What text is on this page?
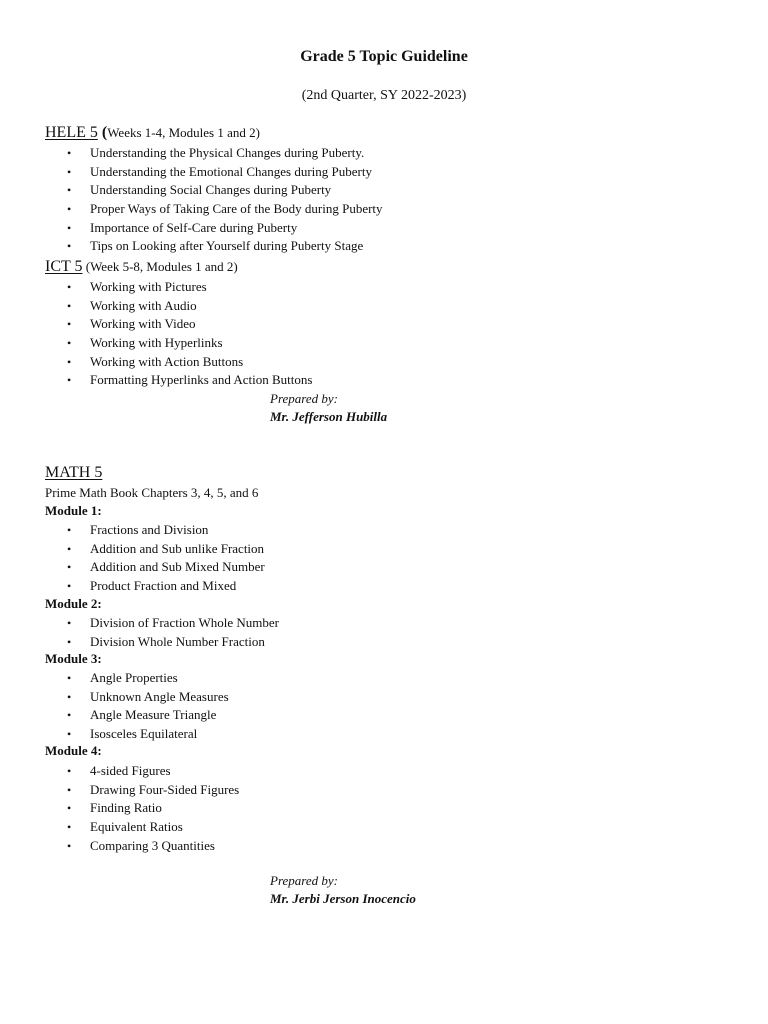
Grade 5 Topic Guideline
(2nd Quarter, SY 2022-2023)
HELE 5 (Weeks 1-4, Modules 1 and 2)
• Understanding the Physical Changes during Puberty.
• Understanding the Emotional Changes during Puberty
• Understanding Social Changes during Puberty
• Proper Ways of Taking Care of the Body during Puberty
• Importance of Self-Care during Puberty
• Tips on Looking after Yourself during Puberty Stage
ICT 5 (Week 5-8, Modules 1 and 2)
• Working with Pictures
• Working with Audio
• Working with Video
• Working with Hyperlinks
• Working with Action Buttons
• Formatting Hyperlinks and Action Buttons
Prepared by:
Mr. Jefferson Hubilla
MATH 5
Prime Math Book Chapters 3, 4, 5, and 6
Module 1:
• Fractions and Division
• Addition and Sub unlike Fraction
• Addition and Sub Mixed Number
• Product Fraction and Mixed
Module 2:
• Division of Fraction Whole Number
• Division Whole Number Fraction
Module 3:
• Angle Properties
• Unknown Angle Measures
• Angle Measure Triangle
• Isosceles Equilateral
Module 4:
• 4-sided Figures
• Drawing Four-Sided Figures
• Finding Ratio
• Equivalent Ratios
• Comparing 3 Quantities
Prepared by:
Mr. Jerbi Jerson Inocencio
